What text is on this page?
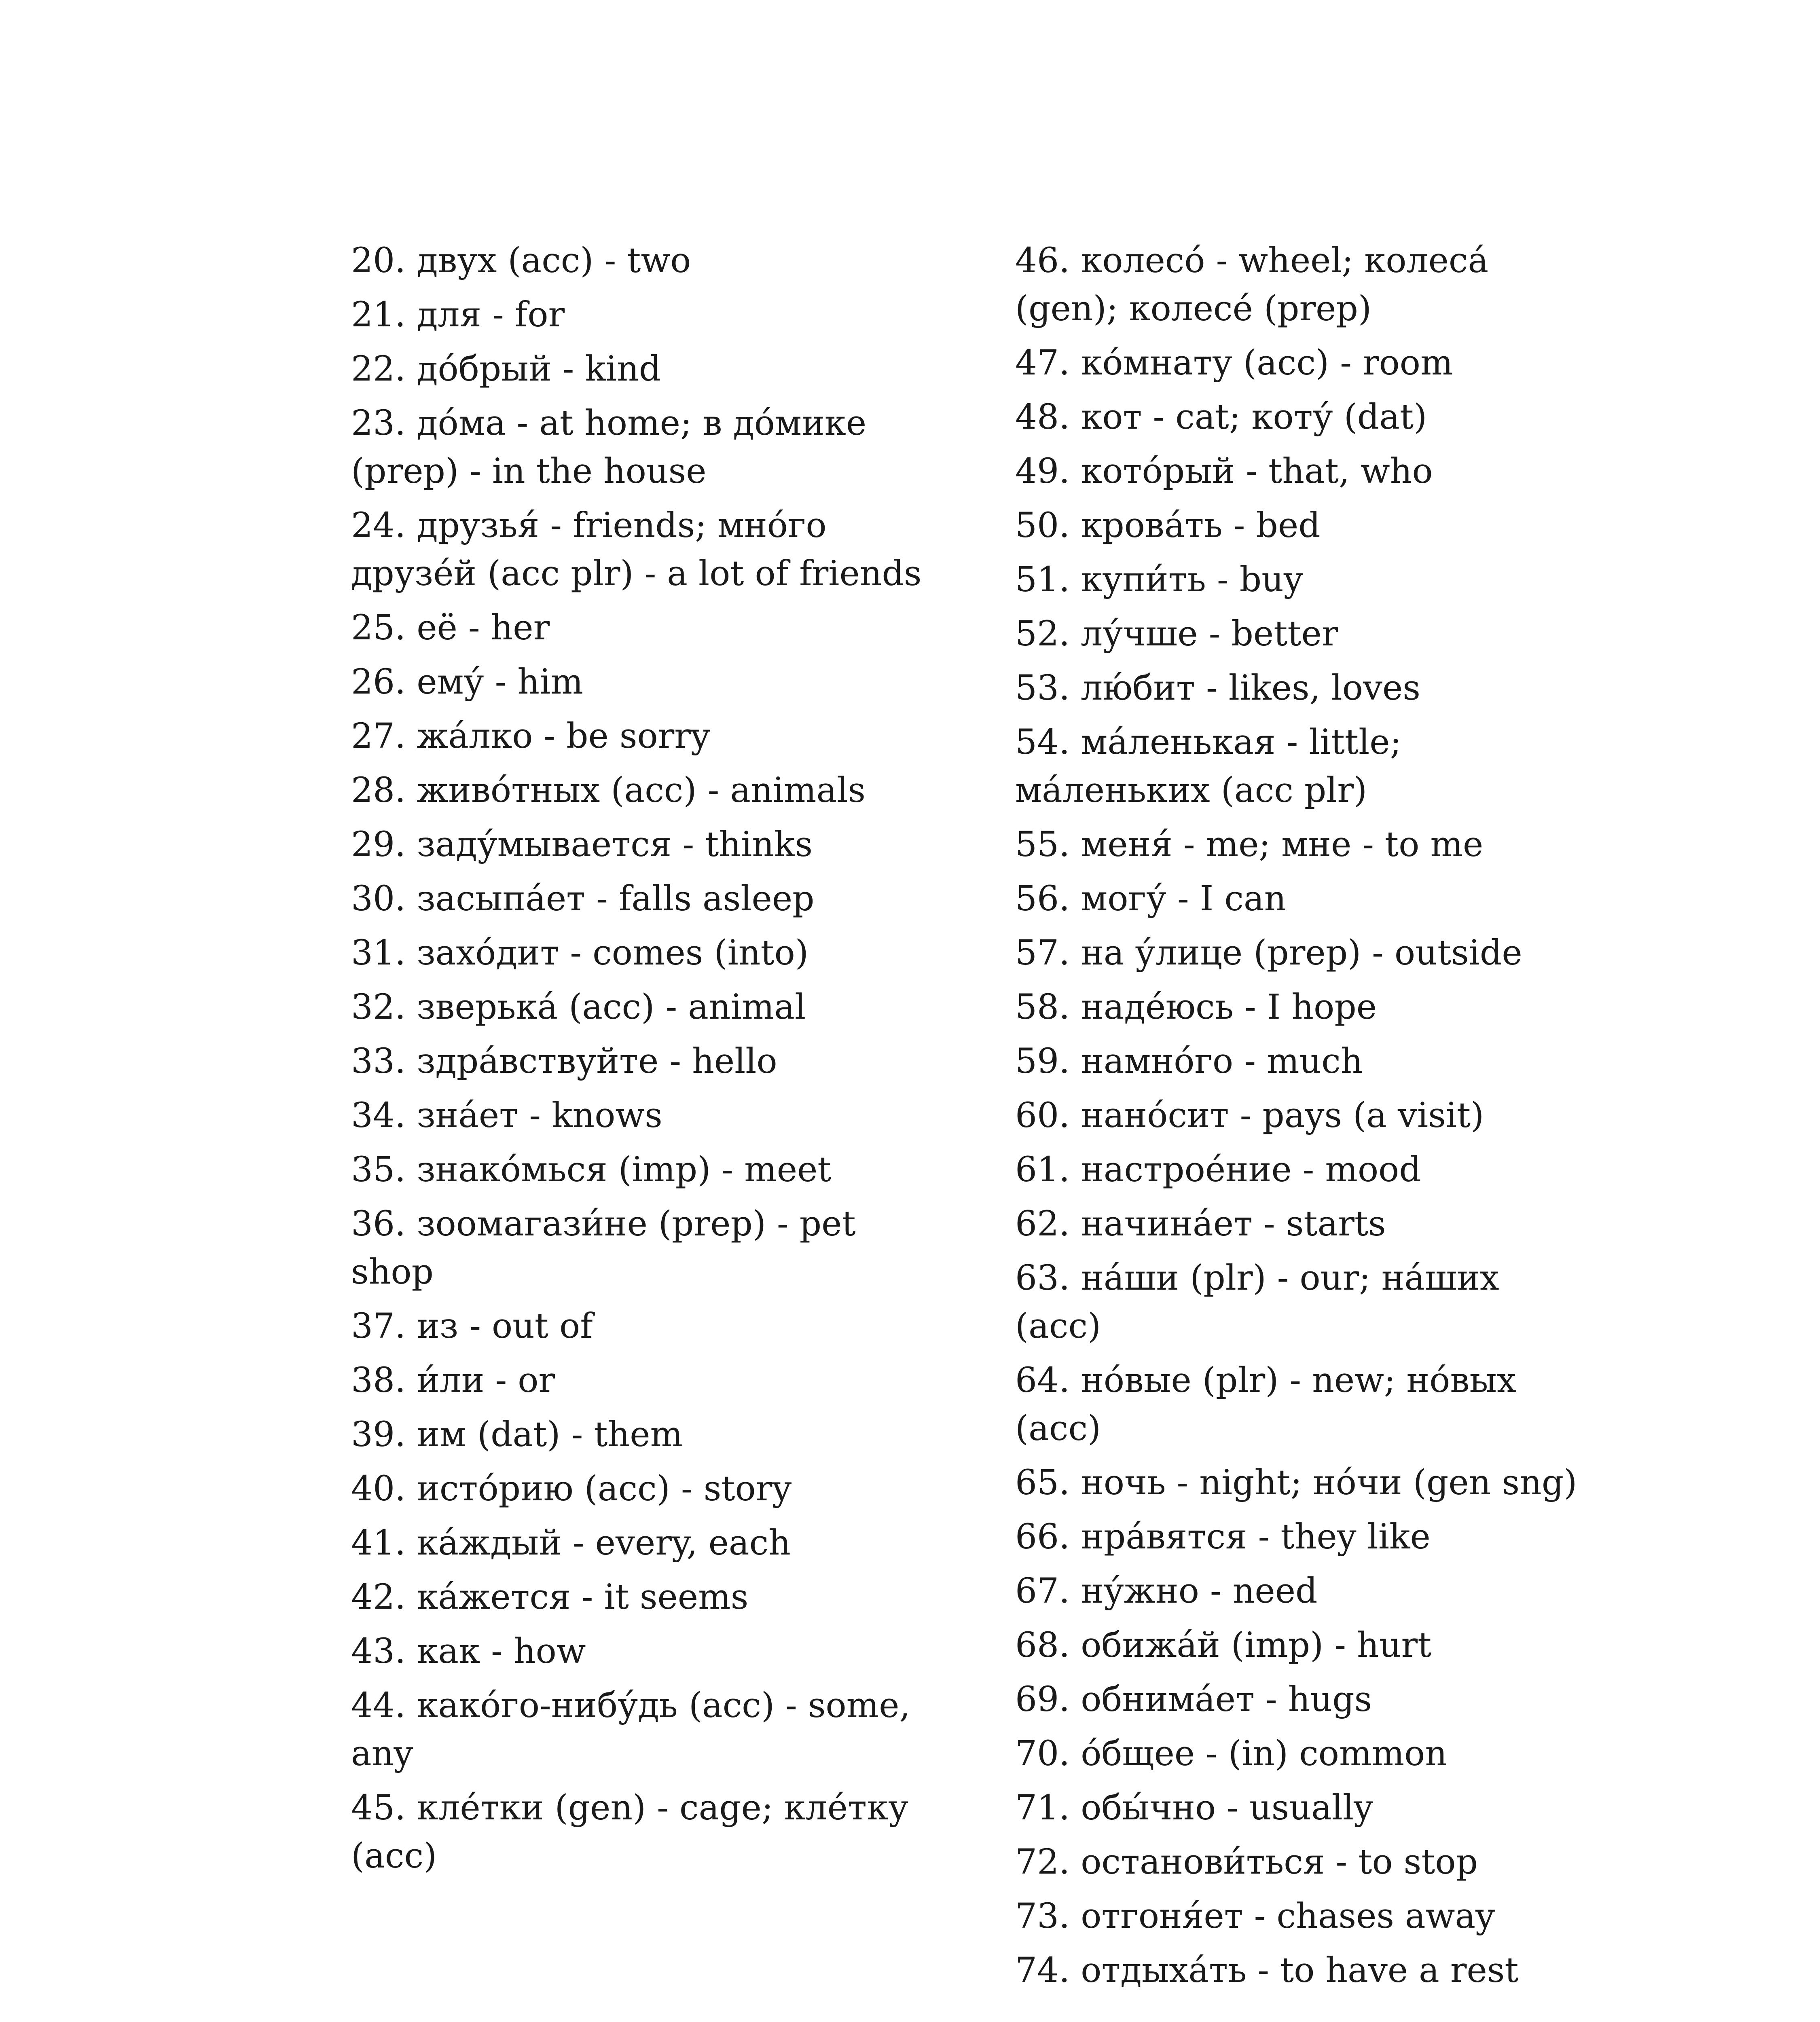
20. двух (acc) - two

21. для - for

22. до́брый - kind

23. до́ма - at home; в до́мике (prep) - in the house

24. друзья́ - friends; мно́го друзе́й (acc plr) - a lot of friends

25. её - her

26. ему́ - him

27. жа́лко - be sorry

28. живо́тных (acc) - animals

29. заду́мывается - thinks

30. засыпа́ет - falls asleep

31. захо́дит - comes (into)

32. зверька́ (acc) - animal

33. здра́вствуйте - hello

34. зна́ет - knows

35. знако́мься (imp) - meet

36. зоомагази́не (prep) - pet shop

37. из - out of

38. и́ли - or

39. им (dat) - them

40. исто́рию (acc) - story

41. ка́ждый - every, each

42. ка́жется - it seems

43. как - how

44. како́го-нибу́дь (acc) - some, any

45. кле́тки (gen) - cage; кле́тку (acc)

46. колесо́ - wheel; колеса́ (gen); колесе́ (prep)

47. ко́мнату (acc) - room

48. кот - cat; коту́ (dat)

49. кото́рый - that, who

50. крова́ть - bed

51. купи́ть - buy

52. лу́чше - better

53. лю́бит - likes, loves

54. ма́ленькая - little; ма́леньких (acc plr)

55. меня́ - me; мне - to me

56. могу́ - I can

57. на у́лице (prep) - outside

58. наде́юсь - I hope

59. намно́го - much

60. нано́сит - pays (a visit)

61. настрое́ние - mood

62. начина́ет - starts

63. на́ши (plr) - our; на́ших (acc)

64. но́вые (plr) - new; но́вых (acc)

65. ночь - night; но́чи (gen sng)

66. нра́вятся - they like

67. ну́жно - need

68. обижа́й (imp) - hurt

69. обнима́ет - hugs

70. о́бщее - (in) common

71. обы́чно - usually

72. останови́ться - to stop

73. отгоня́ет - chases away

74. отдыха́ть - to have a rest
